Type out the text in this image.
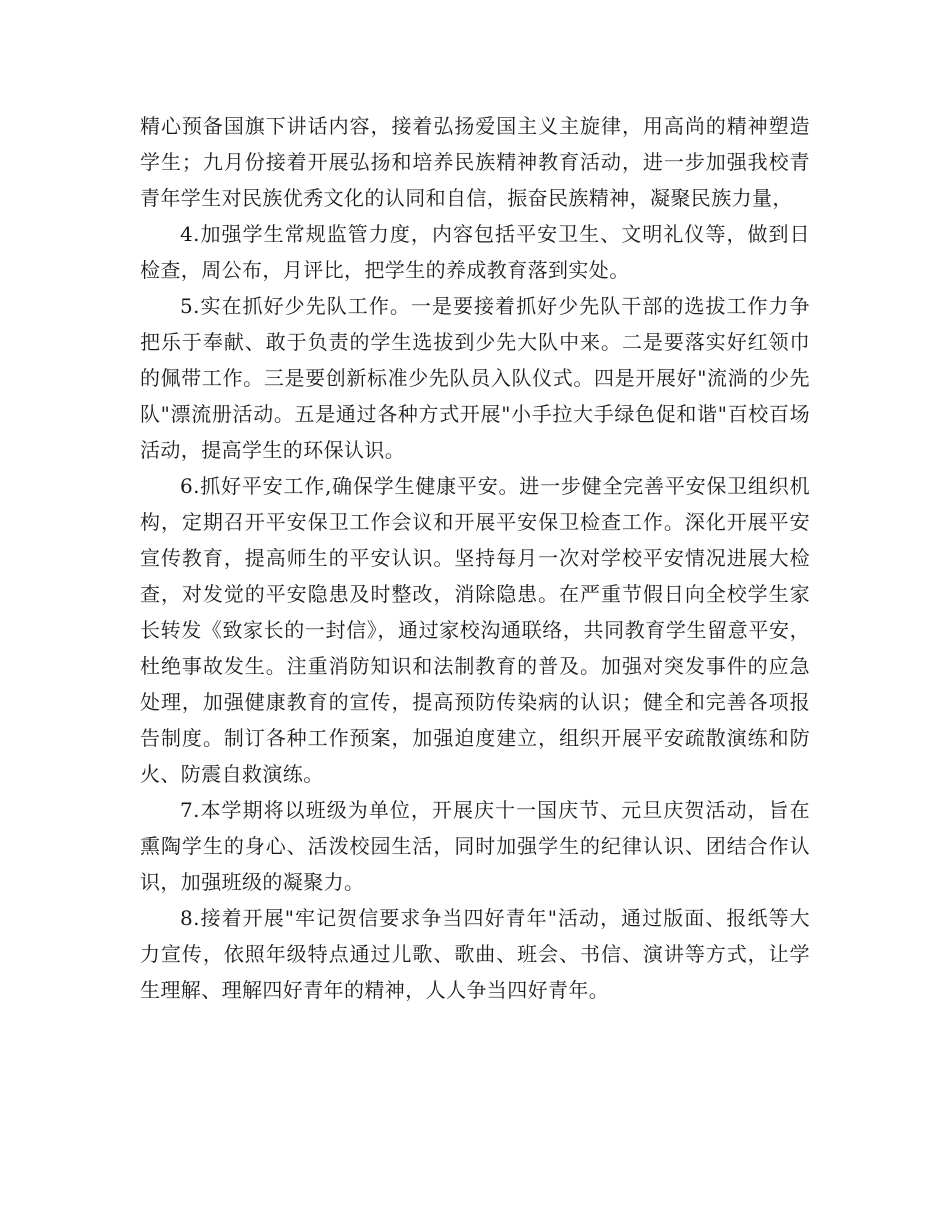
精心预备国旗下讲话内容，接着弘扬爱国主义主旋律，用高尚的精神塑造学生；九月份接着开展弘扬和培养民族精神教育活动，进一步加强我校青青年学生对民族优秀文化的认同和自信，振奋民族精神，凝聚民族力量，

4.加强学生常规监管力度，内容包括平安卫生、文明礼仪等，做到日检查，周公布，月评比，把学生的养成教育落到实处。

5.实在抓好少先队工作。一是要接着抓好少先队干部的选拔工作力争把乐于奉献、敢于负责的学生选拔到少先大队中来。二是要落实好红领巾的佩带工作。三是要创新标准少先队员入队仪式。四是开展好"流淌的少先队"漂流册活动。五是通过各种方式开展"小手拉大手绿色促和谐"百校百场活动，提高学生的环保认识。

6.抓好平安工作,确保学生健康平安。进一步健全完善平安保卫组织机构，定期召开平安保卫工作会议和开展平安保卫检查工作。深化开展平安宣传教育，提高师生的平安认识。坚持每月一次对学校平安情况进展大检查，对发觉的平安隐患及时整改，消除隐患。在严重节假日向全校学生家长转发《致家长的一封信》，通过家校沟通联络，共同教育学生留意平安，杜绝事故发生。注重消防知识和法制教育的普及。加强对突发事件的应急处理，加强健康教育的宣传，提高预防传染病的认识；健全和完善各项报告制度。制订各种工作预案，加强迫度建立，组织开展平安疏散演练和防火、防震自救演练。

7.本学期将以班级为单位，开展庆十一国庆节、元旦庆贺活动，旨在熏陶学生的身心、活泼校园生活，同时加强学生的纪律认识、团结合作认识，加强班级的凝聚力。

8.接着开展"牢记贺信要求争当四好青年"活动，通过版面、报纸等大力宣传，依照年级特点通过儿歌、歌曲、班会、书信、演讲等方式，让学生理解、理解四好青年的精神，人人争当四好青年。
